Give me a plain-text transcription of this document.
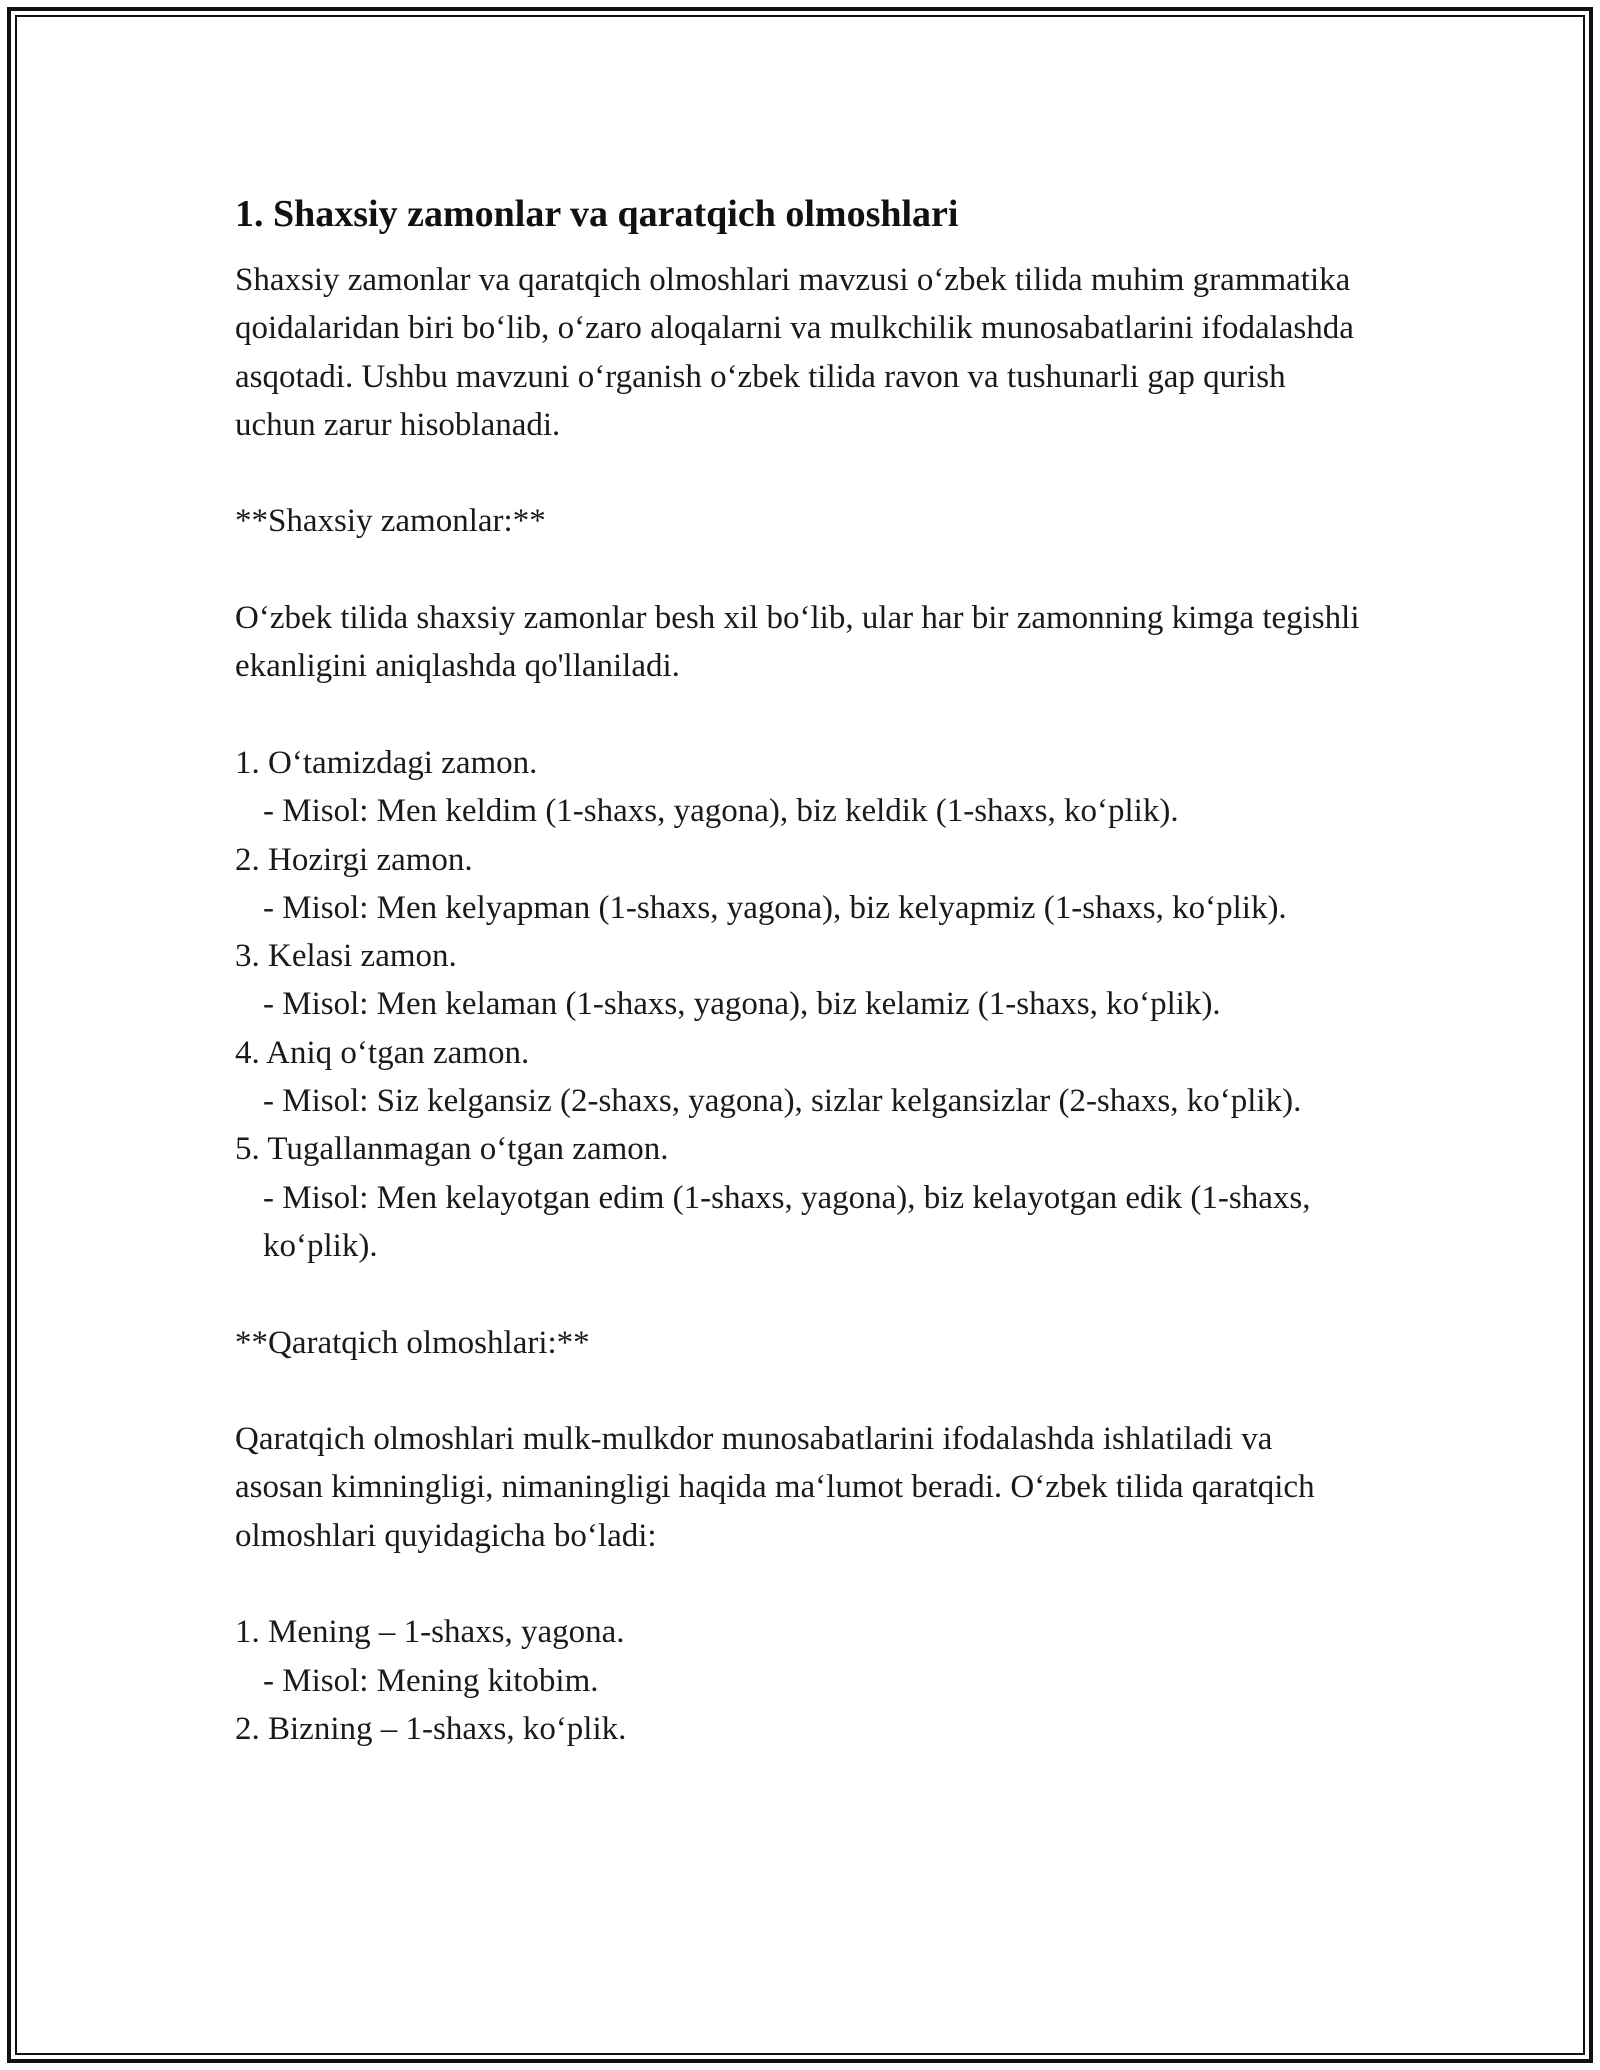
1. Shaxsiy zamonlar va qaratqich olmoshlari

Shaxsiy zamonlar va qaratqich olmoshlari mavzusi o‘zbek tilida muhim grammatika qoidalaridan biri bo‘lib, o‘zaro aloqalarni va mulkchilik munosabatlarini ifodalashda asqotadi. Ushbu mavzuni o‘rganish o‘zbek tilida ravon va tushunarli gap qurish uchun zarur hisoblanadi.

**Shaxsiy zamonlar:**

O‘zbek tilida shaxsiy zamonlar besh xil bo‘lib, ular har bir zamonning kimga tegishli ekanligini aniqlashda qo'llaniladi.

1. O‘tamizdagi zamon.

- Misol: Men keldim (1-shaxs, yagona), biz keldik (1-shaxs, ko‘plik).

2. Hozirgi zamon.

- Misol: Men kelyapman (1-shaxs, yagona), biz kelyapmiz (1-shaxs, ko‘plik).

3. Kelasi zamon.

- Misol: Men kelaman (1-shaxs, yagona), biz kelamiz (1-shaxs, ko‘plik).

4. Aniq o‘tgan zamon.

- Misol: Siz kelgansiz (2-shaxs, yagona), sizlar kelgansizlar (2-shaxs, ko‘plik).

5. Tugallanmagan o‘tgan zamon.

- Misol: Men kelayotgan edim (1-shaxs, yagona), biz kelayotgan edik (1-shaxs, ko‘plik).

**Qaratqich olmoshlari:**

Qaratqich olmoshlari mulk-mulkdor munosabatlarini ifodalashda ishlatiladi va asosan kimningligi, nimaningligi haqida ma‘lumot beradi. O‘zbek tilida qaratqich olmoshlari quyidagicha bo‘ladi:

1. Mening – 1-shaxs, yagona.

- Misol: Mening kitobim.

2. Bizning – 1-shaxs, ko‘plik.
